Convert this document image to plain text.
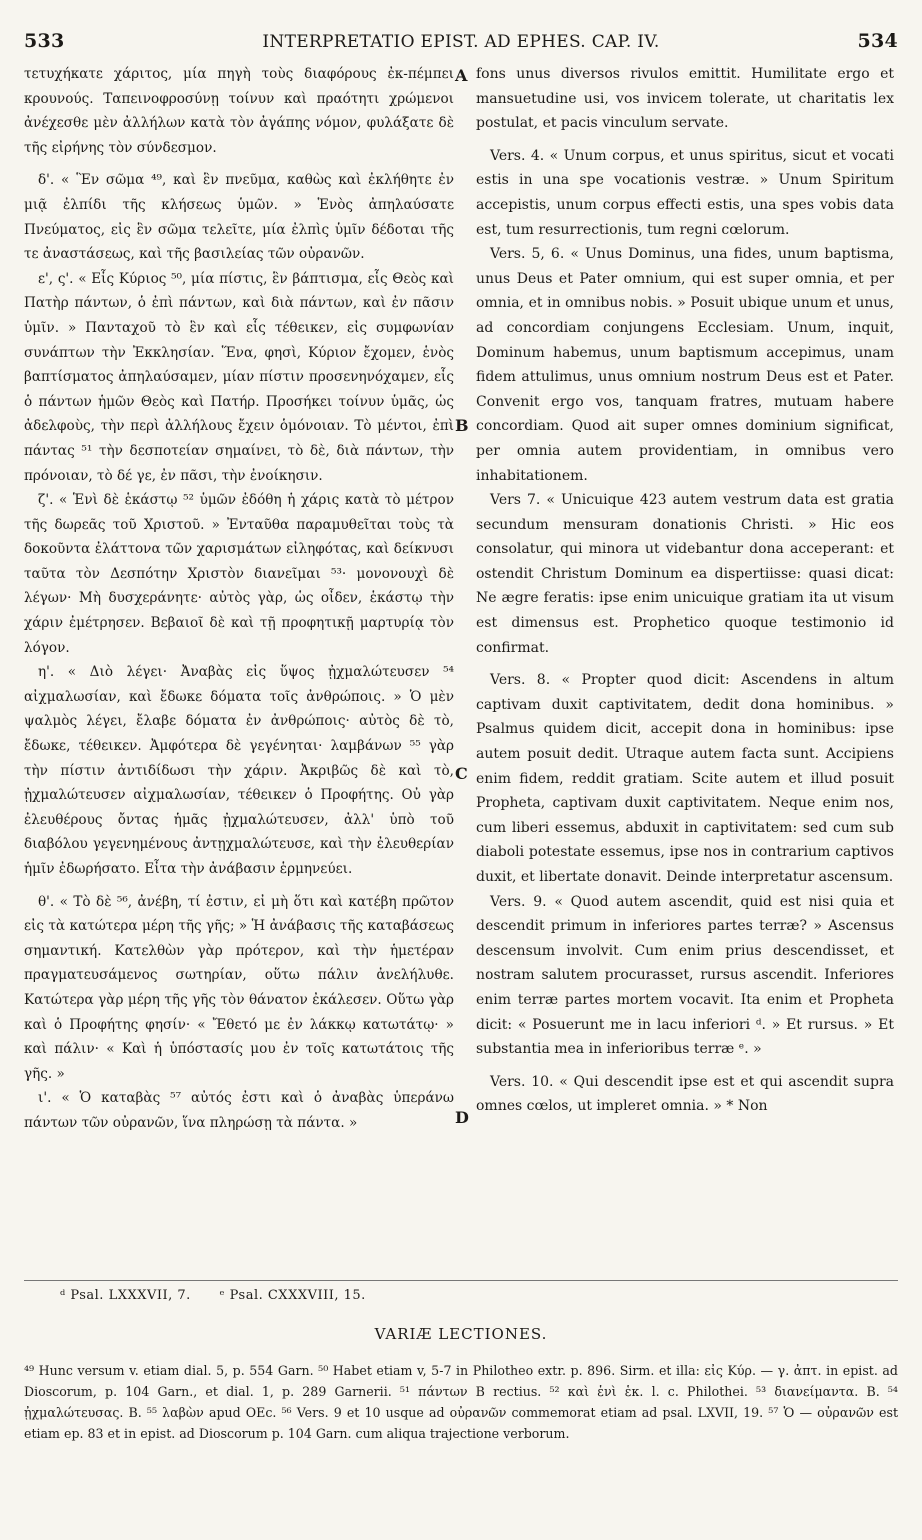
533	INTERPRETATIO EPIST. AD EPHES. CAP. IV.	534

τετυχήκατε χάριτος, μία πηγὴ τοὺς διαφόρους ἐκ-πέμπει κρουνούς. Ταπεινοφροσύνῃ τοίνυν καὶ πραότητι χρώμενοι ἀνέχεσθε μὲν ἀλλήλων κατὰ τὸν ἀγάπης νόμον, φυλάξατε δὲ τῆς εἰρήνης τὸν σύνδεσμον.

δ'. « Ἓν σῶμα ⁴⁹, καὶ ἓν πνεῦμα, καθὼς καὶ ἐκλήθητε ἐν μιᾷ ἐλπίδι τῆς κλήσεως ὑμῶν. » Ἑνὸς ἀπηλαύσατε Πνεύματος, εἰς ἓν σῶμα τελεῖτε, μία ἐλπὶς ὑμῖν δέδοται τῆς τε ἀναστάσεως, καὶ τῆς βασιλείας τῶν οὐρανῶν.

ε', ς'. « Εἷς Κύριος ⁵⁰, μία πίστις, ἓν βάπτισμα, εἷς Θεὸς καὶ Πατὴρ πάντων, ὁ ἐπὶ πάντων, καὶ διὰ πάντων, καὶ ἐν πᾶσιν ὑμῖν. » Πανταχοῦ τὸ ἓν καὶ εἷς τέθεικεν, εἰς συμφωνίαν συνάπτων τὴν Ἐκκλησίαν. Ἕνα, φησὶ, Κύριον ἔχομεν, ἑνὸς βαπτίσματος ἀπηλαύσαμεν, μίαν πίστιν προσενηνόχαμεν, εἷς ὁ πάντων ἡμῶν Θεὸς καὶ Πατήρ. Προσήκει τοίνυν ὑμᾶς, ὡς ἀδελφοὺς, τὴν περὶ ἀλλήλους ἔχειν ὁμόνοιαν. Τὸ μέντοι, ἐπὶ πάντας ⁵¹ τὴν δεσποτείαν σημαίνει, τὸ δὲ, διὰ πάντων, τὴν πρόνοιαν, τὸ δέ γε, ἐν πᾶσι, τὴν ἐνοίκησιν.

ζ'. « Ἑνὶ δὲ ἑκάστῳ ⁵² ὑμῶν ἐδόθη ἡ χάρις κατὰ τὸ μέτρον τῆς δωρεᾶς τοῦ Χριστοῦ. » Ἐνταῦθα παραμυθεῖται τοὺς τὰ δοκοῦντα ἐλάττονα τῶν χαρισμάτων εἰληφότας, καὶ δείκνυσι ταῦτα τὸν Δεσπότην Χριστὸν διανεῖμαι ⁵³· μονονουχὶ δὲ λέγων· Μὴ δυσχεράνητε· αὐτὸς γὰρ, ὡς οἶδεν, ἑκάστῳ τὴν χάριν ἐμέτρησεν. Βεβαιοῖ δὲ καὶ τῇ προφητικῇ μαρτυρίᾳ τὸν λόγον.

η'. « Διὸ λέγει· Ἀναβὰς εἰς ὕψος ᾐχμαλώτευσεν ⁵⁴ αἰχμαλωσίαν, καὶ ἔδωκε δόματα τοῖς ἀνθρώποις. » Ὁ μὲν ψαλμὸς λέγει, ἔλαβε δόματα ἐν ἀνθρώποις· αὐτὸς δὲ τὸ, ἔδωκε, τέθεικεν. Ἀμφότερα δὲ γεγένηται· λαμβάνων ⁵⁵ γὰρ τὴν πίστιν ἀντιδίδωσι τὴν χάριν. Ἀκριβῶς δὲ καὶ τὸ, ᾐχμαλώτευσεν αἰχμαλωσίαν, τέθεικεν ὁ Προφήτης. Οὐ γὰρ ἐλευθέρους ὄντας ἡμᾶς ᾐχμαλώτευσεν, ἀλλ' ὑπὸ τοῦ διαβόλου γεγενημένους ἀντῃχμαλώτευσε, καὶ τὴν ἐλευθερίαν ἡμῖν ἐδωρήσατο. Εἶτα τὴν ἀνάβασιν ἑρμηνεύει.

θ'. « Τὸ δὲ ⁵⁶, ἀνέβη, τί ἐστιν, εἰ μὴ ὅτι καὶ κατέβη πρῶτον εἰς τὰ κατώτερα μέρη τῆς γῆς; » Ἡ ἀνάβασις τῆς καταβάσεως σημαντική. Κατελθὼν γὰρ πρότερον, καὶ τὴν ἡμετέραν πραγματευσάμενος σωτηρίαν, οὕτω πάλιν ἀνελήλυθε. Κατώτερα γὰρ μέρη τῆς γῆς τὸν θάνατον ἐκάλεσεν. Οὕτω γὰρ καὶ ὁ Προφήτης φησίν· « Ἔθετό με ἐν λάκκῳ κατωτάτῳ· » καὶ πάλιν· « Καὶ ἡ ὑπόστασίς μου ἐν τοῖς κατωτάτοις τῆς γῆς. »

ι'. « Ὁ καταβὰς ⁵⁷ αὐτός ἐστι καὶ ὁ ἀναβὰς ὑπεράνω πάντων τῶν οὐρανῶν, ἵνα πληρώσῃ τὰ πάντα. »

fons unus diversos rivulos emittit. Humilitate ergo et mansuetudine usi, vos invicem tolerate, ut charitatis lex postulat, et pacis vinculum servate.

Vers. 4. « Unum corpus, et unus spiritus, sicut et vocati estis in una spe vocationis vestræ. » Unum Spiritum accepistis, unum corpus effecti estis, una spes vobis data est, tum resurrectionis, tum regni cœlorum.

Vers. 5, 6. « Unus Dominus, una fides, unum baptisma, unus Deus et Pater omnium, qui est super omnia, et per omnia, et in omnibus nobis. » Posuit ubique unum et unus, ad concordiam conjungens Ecclesiam. Unum, inquit, Dominum habemus, unum baptismum accepimus, unam fidem attulimus, unus omnium nostrum Deus est et Pater. Convenit ergo vos, tanquam fratres, mutuam habere concordiam. Quod ait super omnes dominium significat, per omnia autem providentiam, in omnibus vero inhabitationem.

Vers 7. « Unicuique 423 autem vestrum data est gratia secundum mensuram donationis Christi. » Hic eos consolatur, qui minora ut videbantur dona acceperant: et ostendit Christum Dominum ea dispertiisse: quasi dicat: Ne ægre feratis: ipse enim unicuique gratiam ita ut visum est dimensus est. Prophetico quoque testimonio id confirmat.

Vers. 8. « Propter quod dicit: Ascendens in altum captivam duxit captivitatem, dedit dona hominibus. » Psalmus quidem dicit, accepit dona in hominibus: ipse autem posuit dedit. Utraque autem facta sunt. Accipiens enim fidem, reddit gratiam. Scite autem et illud posuit Propheta, captivam duxit captivitatem. Neque enim nos, cum liberi essemus, abduxit in captivitatem: sed cum sub diaboli potestate essemus, ipse nos in contrarium captivos duxit, et libertate donavit. Deinde interpretatur ascensum.

Vers. 9. « Quod autem ascendit, quid est nisi quia et descendit primum in inferiores partes terræ? » Ascensus descensum involvit. Cum enim prius descendisset, et nostram salutem procurasset, rursus ascendit. Inferiores enim terræ partes mortem vocavit. Ita enim et Propheta dicit: « Posuerunt me in lacu inferiori ᵈ. » Et rursus. » Et substantia mea in inferioribus terræ ᵉ. »

Vers. 10. « Qui descendit ipse est et qui ascendit supra omnes cœlos, ut impleret omnia. » * Non

A
B
C
D
ᵈ Psal. LXXXVII, 7. ᵉ Psal. CXXXVIII, 15.
VARIÆ LECTIONES.

⁴⁹ Hunc versum v. etiam dial. 5, p. 554 Garn. ⁵⁰ Habet etiam v, 5-7 in Philotheo extr. p. 896. Sirm. et illa: εἰς Κύρ. — γ. ἀπτ. in epist. ad Dioscorum, p. 104 Garn., et dial. 1, p. 289 Garnerii. ⁵¹ πάντων B rectius. ⁵² καὶ ἑνὶ ἑκ. l. c. Philothei. ⁵³ διανείμαντα. B. ⁵⁴ ᾐχμαλώτευσας. B. ⁵⁵ λαβὼν apud OEc. ⁵⁶ Vers. 9 et 10 usque ad οὐρανῶν commemorat etiam ad psal. LXVII, 19. ⁵⁷ Ὁ — οὐρανῶν est etiam ep. 83 et in epist. ad Dioscorum p. 104 Garn. cum aliqua trajectione verborum.
